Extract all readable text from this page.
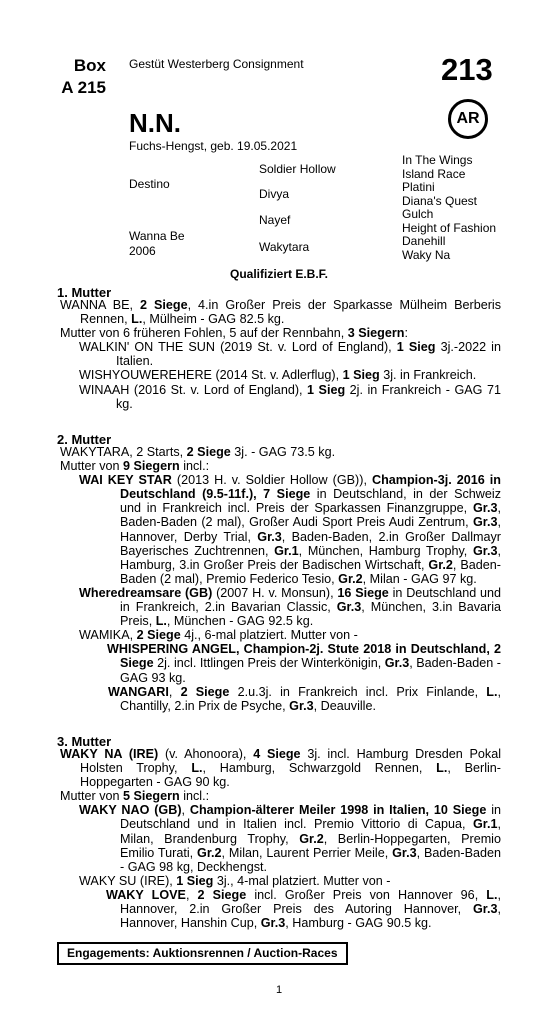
Box
A 215
Gestüt Westerberg Consignment	213
N.N.	AR
Fuchs-Hengst, geb. 19.05.2021
Destino
Wanna Be
2006
Soldier Hollow
Divya
Nayef
Wakytara
In The Wings
Island Race
Platini
Diana's Quest
Gulch
Height of Fashion
Danehill
Waky Na
Qualifiziert E.B.F.
1. Mutter

WANNA BE, 2 Siege, 4.in Großer Preis der Sparkasse Mülheim Berberis Rennen, L., Mülheim - GAG 82.5 kg.

Mutter von 6 früheren Fohlen, 5 auf der Rennbahn, 3 Siegern:

WALKIN' ON THE SUN (2019 St. v. Lord of England), 1 Sieg 3j.-2022 in Italien.

WISHYOUWEREHERE (2014 St. v. Adlerflug), 1 Sieg 3j. in Frankreich.

WINAAH (2016 St. v. Lord of England), 1 Sieg 2j. in Frankreich - GAG 71 kg.

2. Mutter

WAKYTARA, 2 Starts, 2 Siege 3j. - GAG 73.5 kg.

Mutter von 9 Siegern incl.:

WAI KEY STAR (2013 H. v. Soldier Hollow (GB)), Champion-3j. 2016 in Deutschland (9.5-11f.), 7 Siege in Deutschland, in der Schweiz und in Frankreich incl. Preis der Sparkassen Finanzgruppe, Gr.3, Baden-Baden (2 mal), Großer Audi Sport Preis Audi Zentrum, Gr.3, Hannover, Derby Trial, Gr.3, Baden-Baden, 2.in Großer Dallmayr Bayerisches Zuchtrennen, Gr.1, München, Hamburg Trophy, Gr.3, Hamburg, 3.in Großer Preis der Badischen Wirtschaft, Gr.2, Baden-Baden (2 mal), Premio Federico Tesio, Gr.2, Milan - GAG 97 kg.

Wheredreamsare (GB) (2007 H. v. Monsun), 16 Siege in Deutschland und in Frankreich, 2.in Bavarian Classic, Gr.3, München, 3.in Bavaria Preis, L., München - GAG 92.5 kg.

WAMIKA, 2 Siege 4j., 6-mal platziert. Mutter von -

WHISPERING ANGEL, Champion-2j. Stute 2018 in Deutschland, 2 Siege 2j. incl. Ittlingen Preis der Winterkönigin, Gr.3, Baden-Baden - GAG 93 kg.

WANGARI, 2 Siege 2.u.3j. in Frankreich incl. Prix Finlande, L., Chantilly, 2.in Prix de Psyche, Gr.3, Deauville.

3. Mutter

WAKY NA (IRE) (v. Ahonoora), 4 Siege 3j. incl. Hamburg Dresden Pokal Holsten Trophy, L., Hamburg, Schwarzgold Rennen, L., Berlin-Hoppegarten - GAG 90 kg.

Mutter von 5 Siegern incl.:

WAKY NAO (GB), Champion-älterer Meiler 1998 in Italien, 10 Siege in Deutschland und in Italien incl. Premio Vittorio di Capua, Gr.1, Milan, Brandenburg Trophy, Gr.2, Berlin-Hoppegarten, Premio Emilio Turati, Gr.2, Milan, Laurent Perrier Meile, Gr.3, Baden-Baden - GAG 98 kg, Deckhengst.

WAKY SU (IRE), 1 Sieg 3j., 4-mal platziert. Mutter von -

WAKY LOVE, 2 Siege incl. Großer Preis von Hannover 96, L., Hannover, 2.in Großer Preis des Autoring Hannover, Gr.3, Hannover, Hanshin Cup, Gr.3, Hamburg - GAG 90.5 kg.

Engagements: Auktionsrennen / Auction-Races
1
